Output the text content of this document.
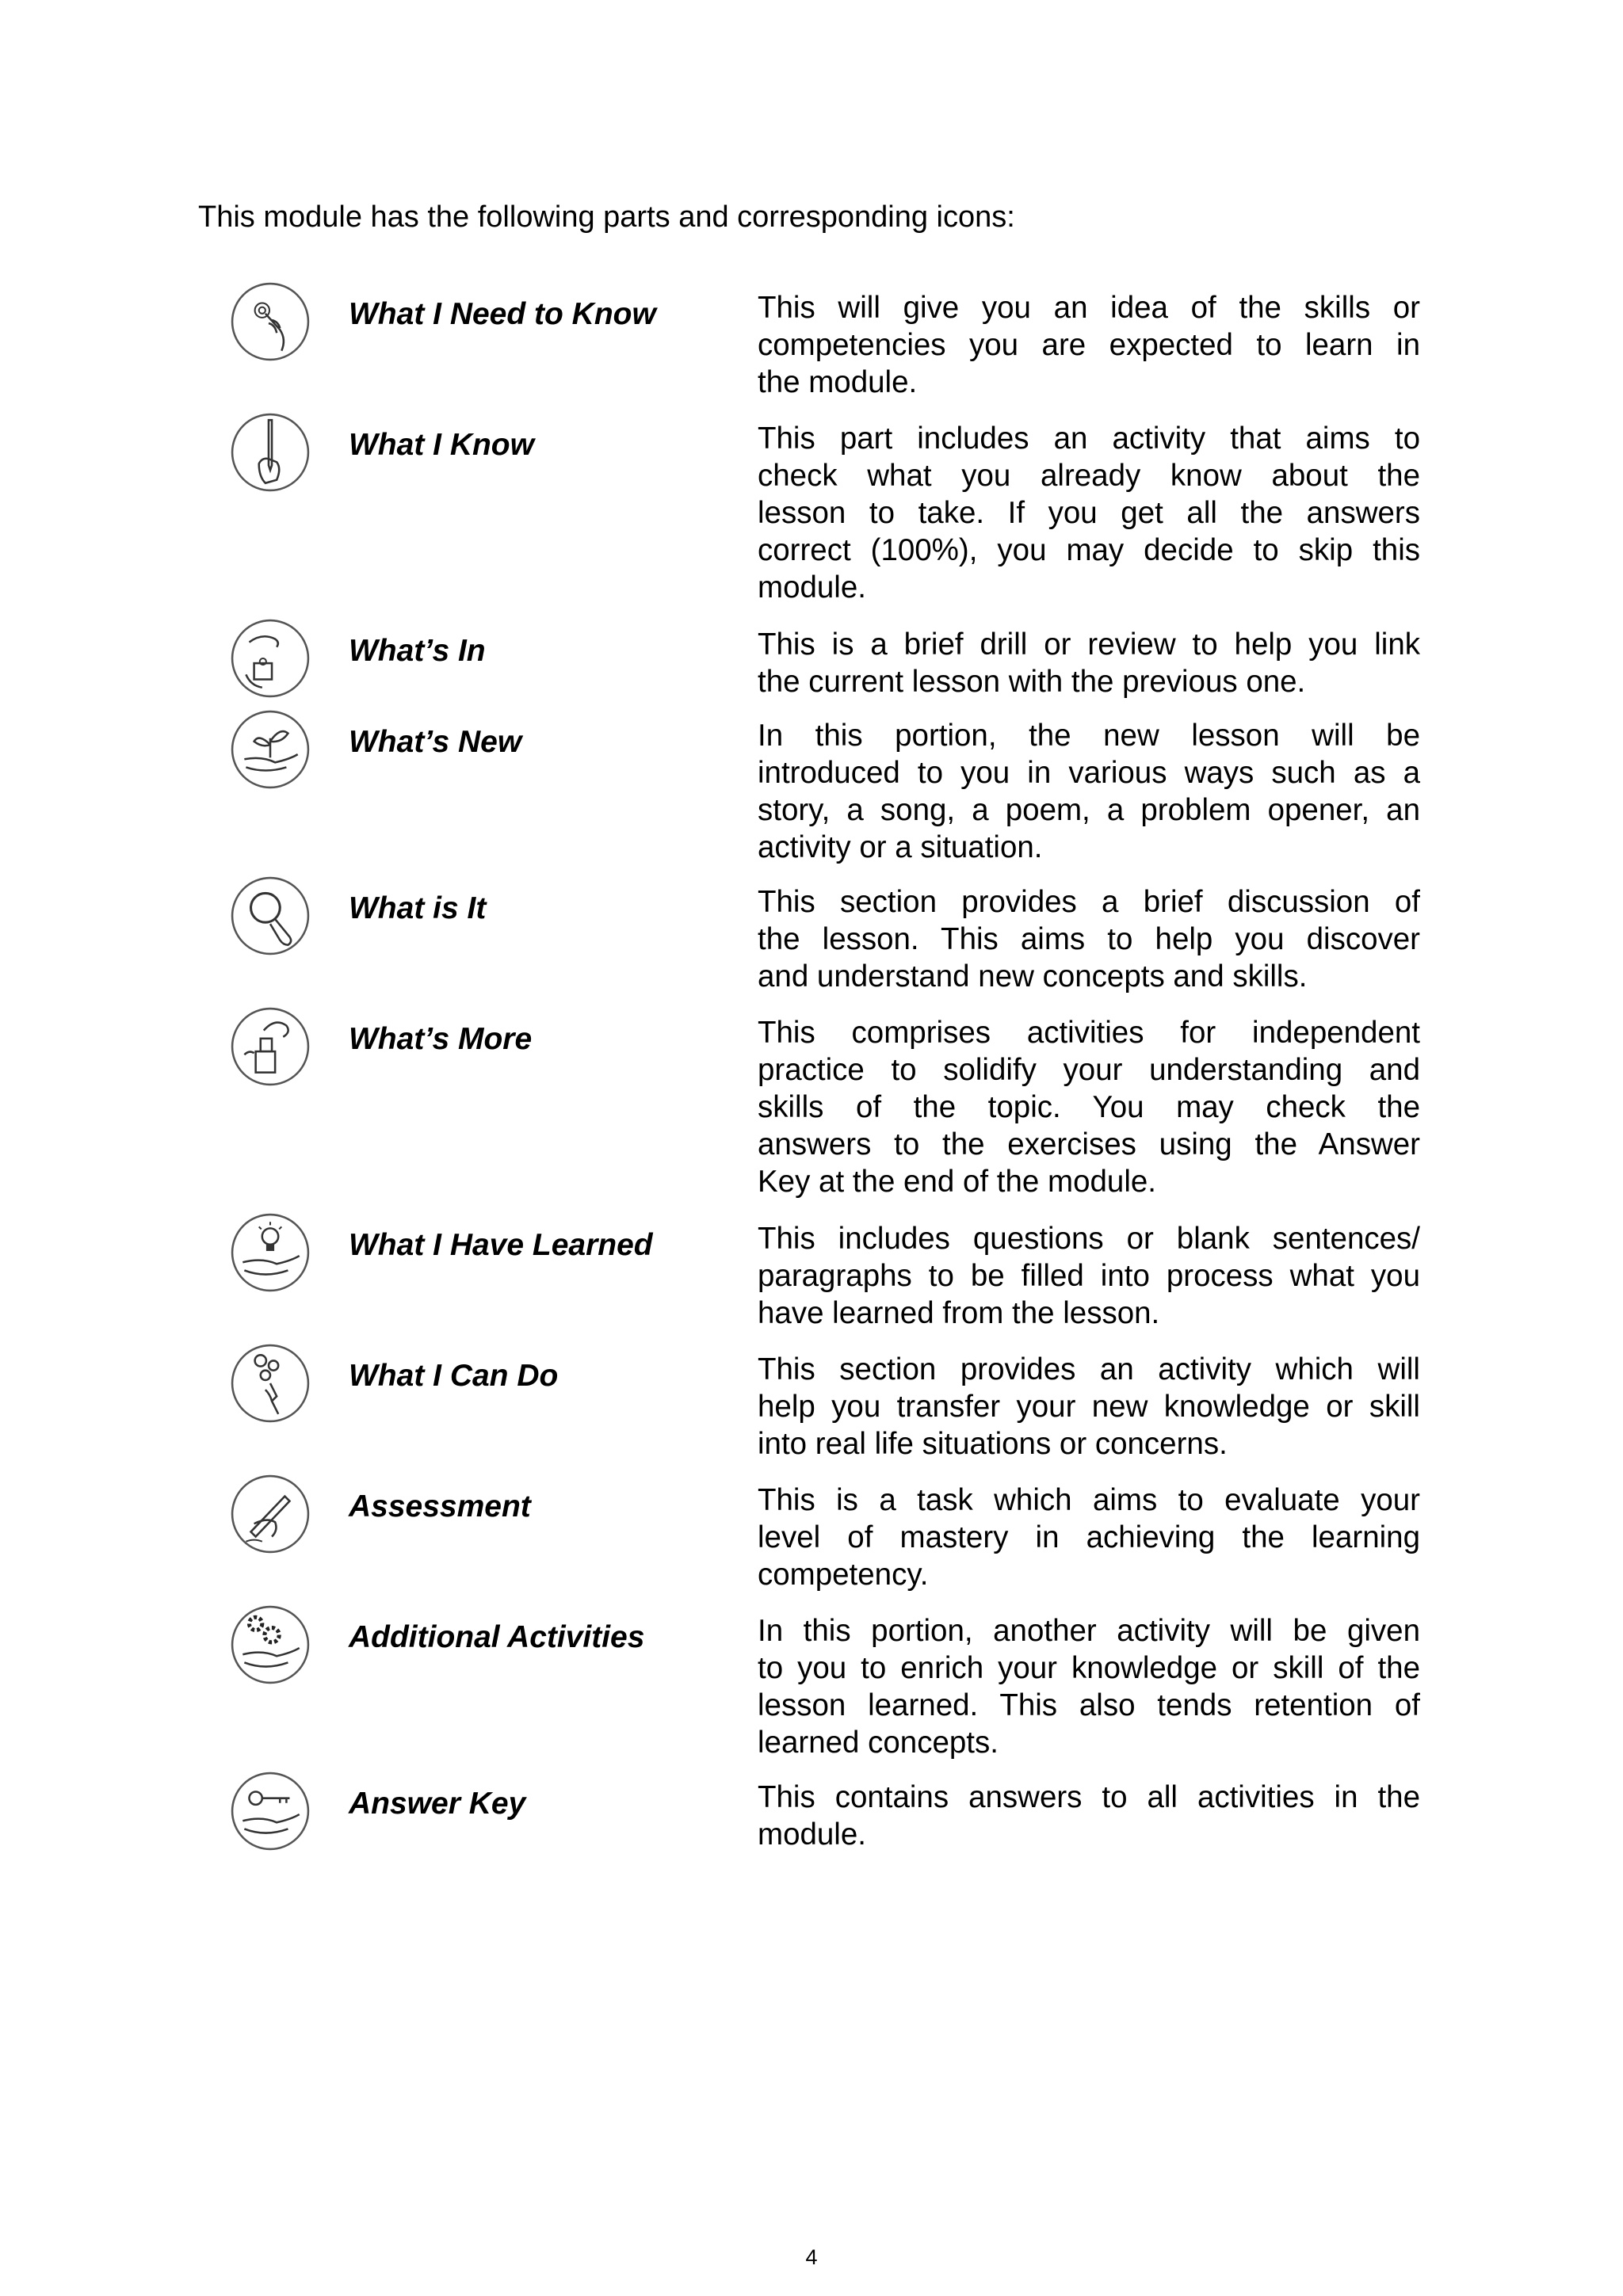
This module has the following parts and corresponding icons:
What I Need to Know	This will give you an idea of the skills or
competencies you are expected to learn in
the module.
What I Know	This part includes an activity that aims to
check what you already know about the
lesson to take. If you get all the answers
correct (100%), you may decide to skip this
module.
What’s In	This is a brief drill or review to help you link
the current lesson with the previous one.
What’s New	In this portion, the new lesson will be
introduced to you in various ways such as a
story, a song, a poem, a problem opener, an
activity or a situation.
What is It	This section provides a brief discussion of
the lesson. This aims to help you discover
and understand new concepts and skills.
What’s More	This comprises activities for independent
practice to solidify your understanding and
skills of the topic. You may check the
answers to the exercises using the Answer
Key at the end of the module.
What I Have Learned	This includes questions or blank sentences/
paragraphs to be filled into process what you
have learned from the lesson.
What I Can Do	This section provides an activity which will
help you transfer your new knowledge or skill
into real life situations or concerns.
Assessment	This is a task which aims to evaluate your
level of mastery in achieving the learning
competency.
Additional Activities	In this portion, another activity will be given
to you to enrich your knowledge or skill of the
lesson learned. This also tends retention of
learned concepts.
Answer Key	This contains answers to all activities in the
module.
4
